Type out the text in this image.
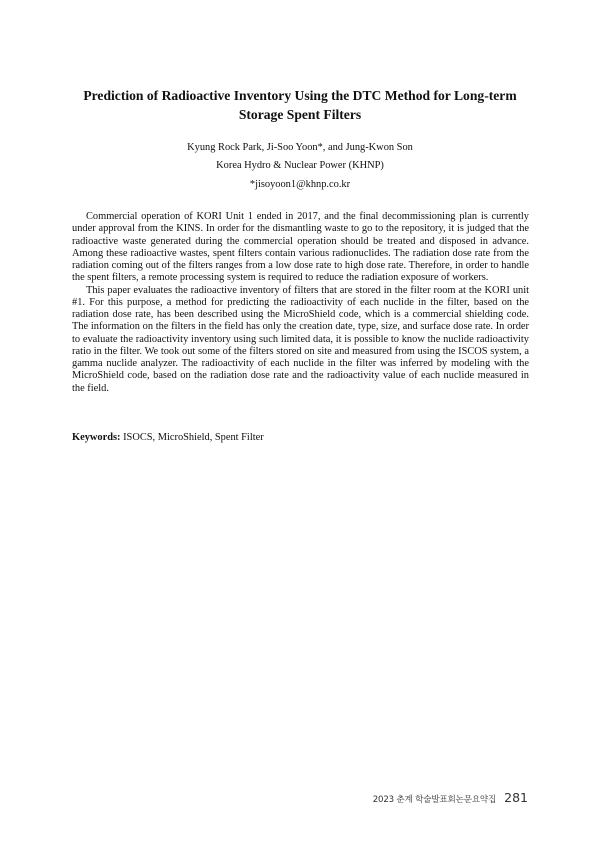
Prediction of Radioactive Inventory Using the DTC Method for Long-term Storage Spent Filters
Kyung Rock Park, Ji-Soo Yoon*, and Jung-Kwon Son
Korea Hydro & Nuclear Power (KHNP)
*jisoyoon1@khnp.co.kr

Commercial operation of KORI Unit 1 ended in 2017, and the final decommissioning plan is currently under approval from the KINS. In order for the dismantling waste to go to the repository, it is judged that the radioactive waste generated during the commercial operation should be treated and disposed in advance. Among these radioactive wastes, spent filters contain various radionuclides. The radiation dose rate from the radiation coming out of the filters ranges from a low dose rate to high dose rate. Therefore, in order to handle the spent filters, a remote processing system is required to reduce the radiation exposure of workers.

This paper evaluates the radioactive inventory of filters that are stored in the filter room at the KORI unit #1. For this purpose, a method for predicting the radioactivity of each nuclide in the filter, based on the radiation dose rate, has been described using the MicroShield code, which is a commercial shielding code. The information on the filters in the field has only the creation date, type, size, and surface dose rate. In order to evaluate the radioactivity inventory using such limited data, it is possible to know the nuclide radioactivity ratio in the filter. We took out some of the filters stored on site and measured from using the ISCOS system, a gamma nuclide analyzer. The radioactivity of each nuclide in the filter was inferred by modeling with the MicroShield code, based on the radiation dose rate and the radioactivity value of each nuclide measured in the field.

Keywords: ISOCS, MicroShield, Spent Filter
2023 춘계 학술발표회논문요약집 281
